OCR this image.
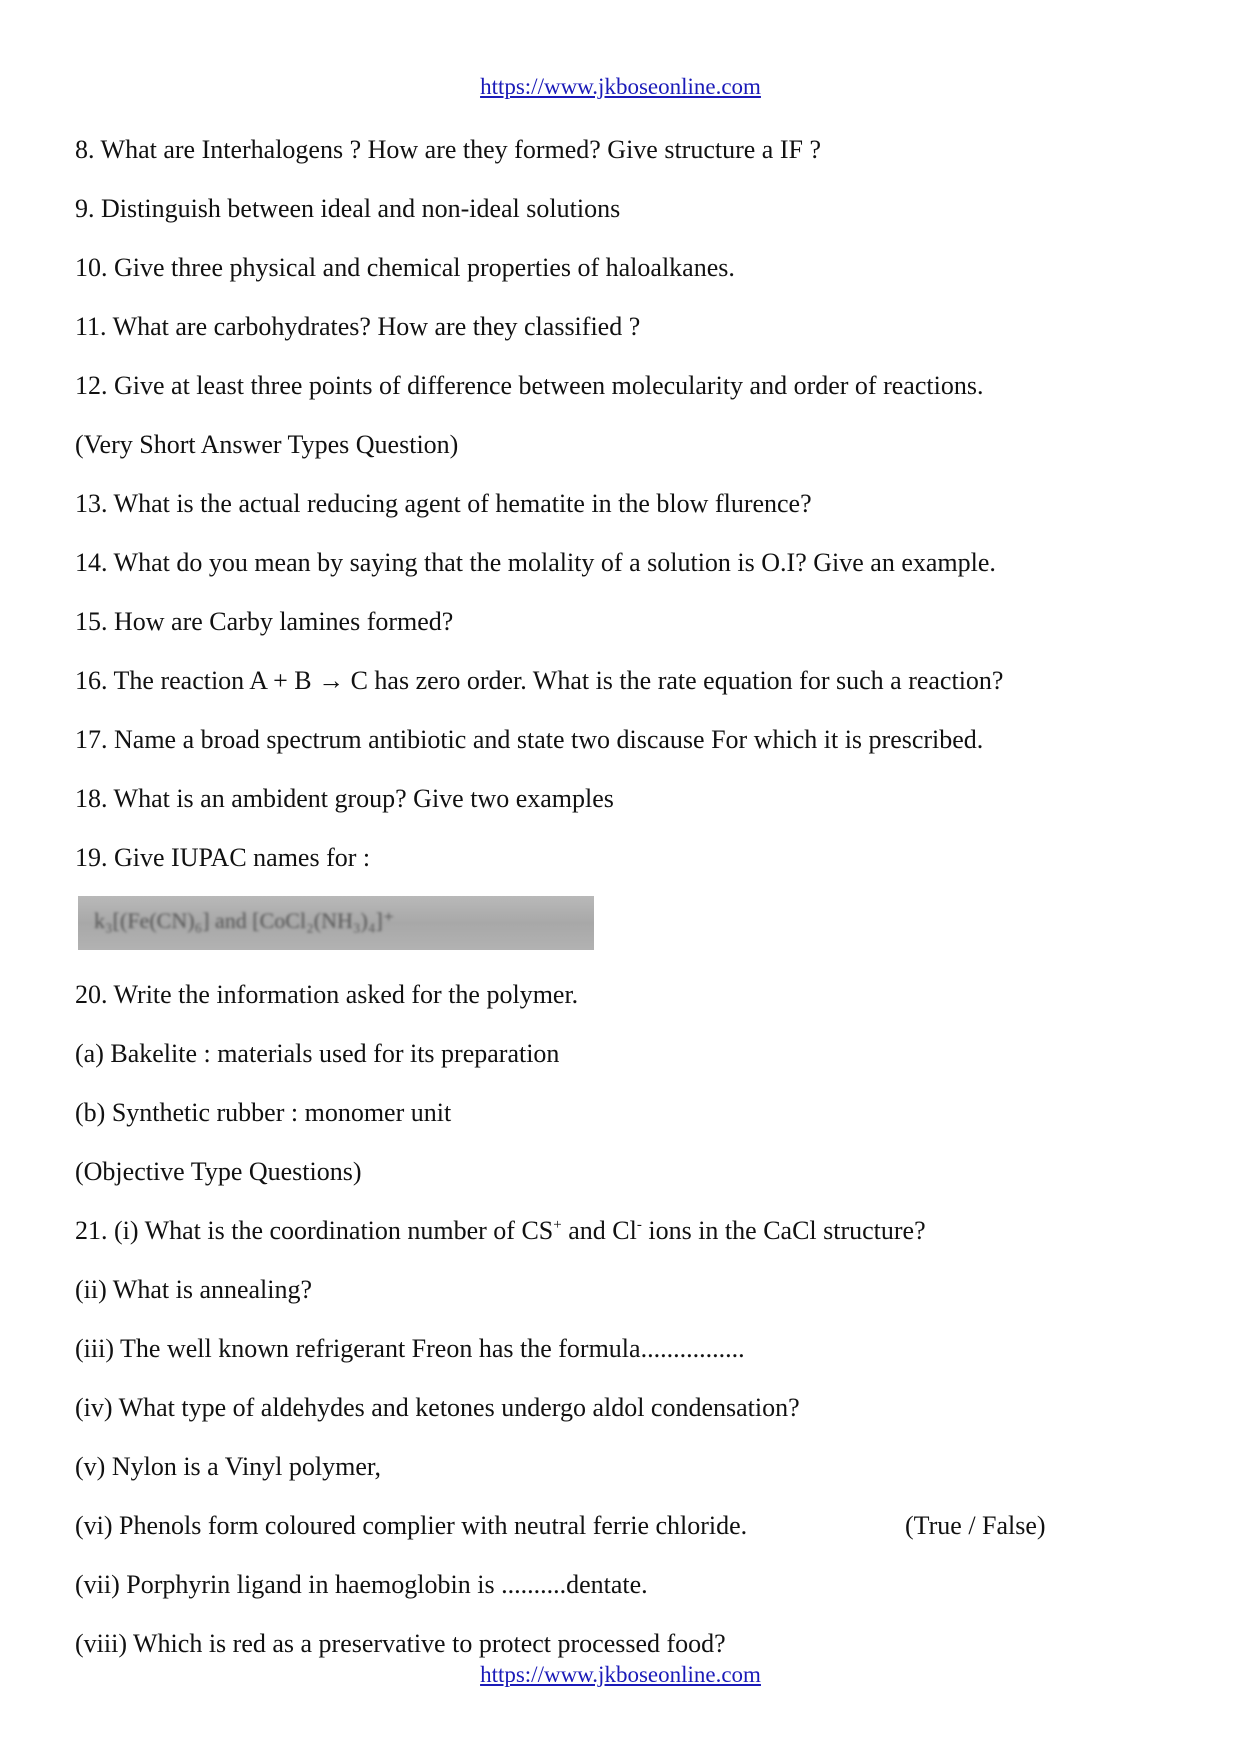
https://www.jkboseonline.com
8. What are Interhalogens ? How are they formed? Give structure a IF ?
9. Distinguish between ideal and non-ideal solutions
10. Give three physical and chemical properties of haloalkanes.
11. What are carbohydrates? How are they classified ?
12. Give at least three points of difference between molecularity and order of reactions.
(Very Short Answer Types Question)
13. What is the actual reducing agent of hematite in the blow flurence?
14. What do you mean by saying that the molality of a solution is O.I? Give an example.
15. How are Carby lamines formed?
16. The reaction A + B → C has zero order. What is the rate equation for such a reaction?
17. Name a broad spectrum antibiotic and state two discause For which it is prescribed.
18. What is an ambident group? Give two examples
19. Give IUPAC names for :
k₃[(Fe(CN)₆] and [CoCl₂(NH₃)₄]⁺
20. Write the information asked for the polymer.
(a) Bakelite : materials used for its preparation
(b) Synthetic rubber : monomer unit
(Objective Type Questions)
21. (i) What is the coordination number of CS+ and Cl- ions in the CaCl structure?
(ii) What is annealing?
(iii) The well known refrigerant Freon has the formula................
(iv) What type of aldehydes and ketones undergo aldol condensation?
(v) Nylon is a Vinyl polymer,
(vi) Phenols form coloured complier with neutral ferrie chloride.	(True / False)
(vii) Porphyrin ligand in haemoglobin is ..........dentate.
(viii) Which is red as a preservative to protect processed food?
https://www.jkboseonline.com
